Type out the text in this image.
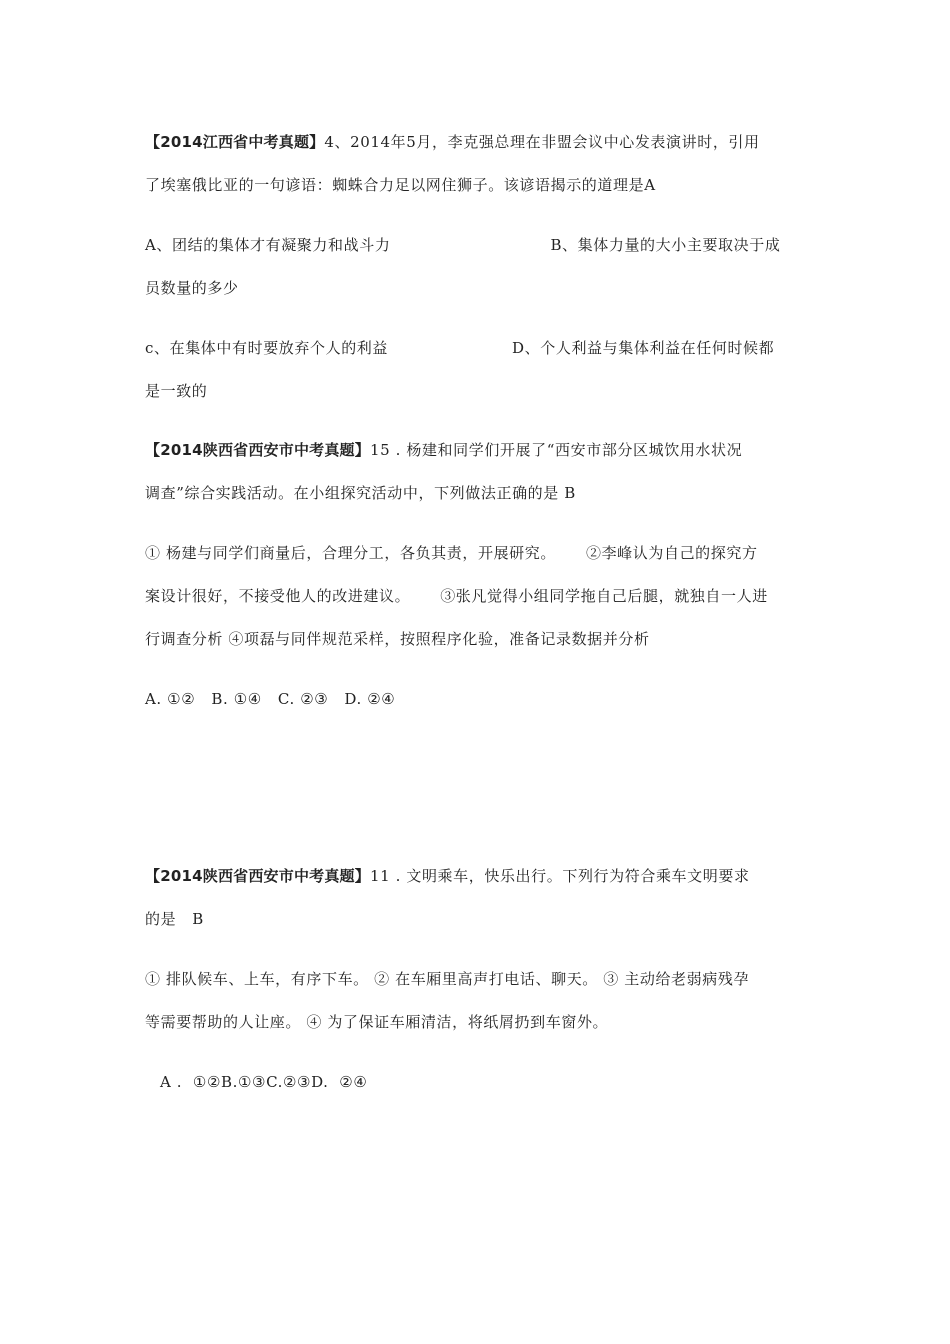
【2014江西省中考真题】4、2014年5月，李克强总理在非盟会议中心发表演讲时，引用
了埃塞俄比亚的一句谚语：蜘蛛合力足以网住狮子。该谚语揭示的道理是A
A、团结的集体才有凝聚力和战斗力	B、集体力量的大小主要取决于成
员数量的多少
c、在集体中有时要放弃个人的利益	D、个人利益与集体利益在任何时候都
是一致的
【2014陕西省西安市中考真题】15 . 杨建和同学们开展了“西安市部分区城饮用水状况
调查”综合实践活动。在小组探究活动中，下列做法正确的是 B
① 杨建与同学们商量后，合理分工，各负其责，开展研究。 ②李峰认为自己的探究方
案设计很好，不接受他人的改进建议。 ③张凡觉得小组同学拖自己后腿，就独自一人进
行调查分析 ④项磊与同伴规范采样，按照程序化验，准备记录数据并分析
A. ①②   B. ①④   C. ②③   D. ②④
【2014陕西省西安市中考真题】11 . 文明乘车，快乐出行。下列行为符合乘车文明要求
的是   B
① 排队候车、上车，有序下车。 ② 在车厢里高声打电话、聊天。 ③ 主动给老弱病残孕
等需要帮助的人让座。 ④ 为了保证车厢清洁，将纸屑扔到车窗外。
A .  ①②B.①③C.②③D.  ②④
